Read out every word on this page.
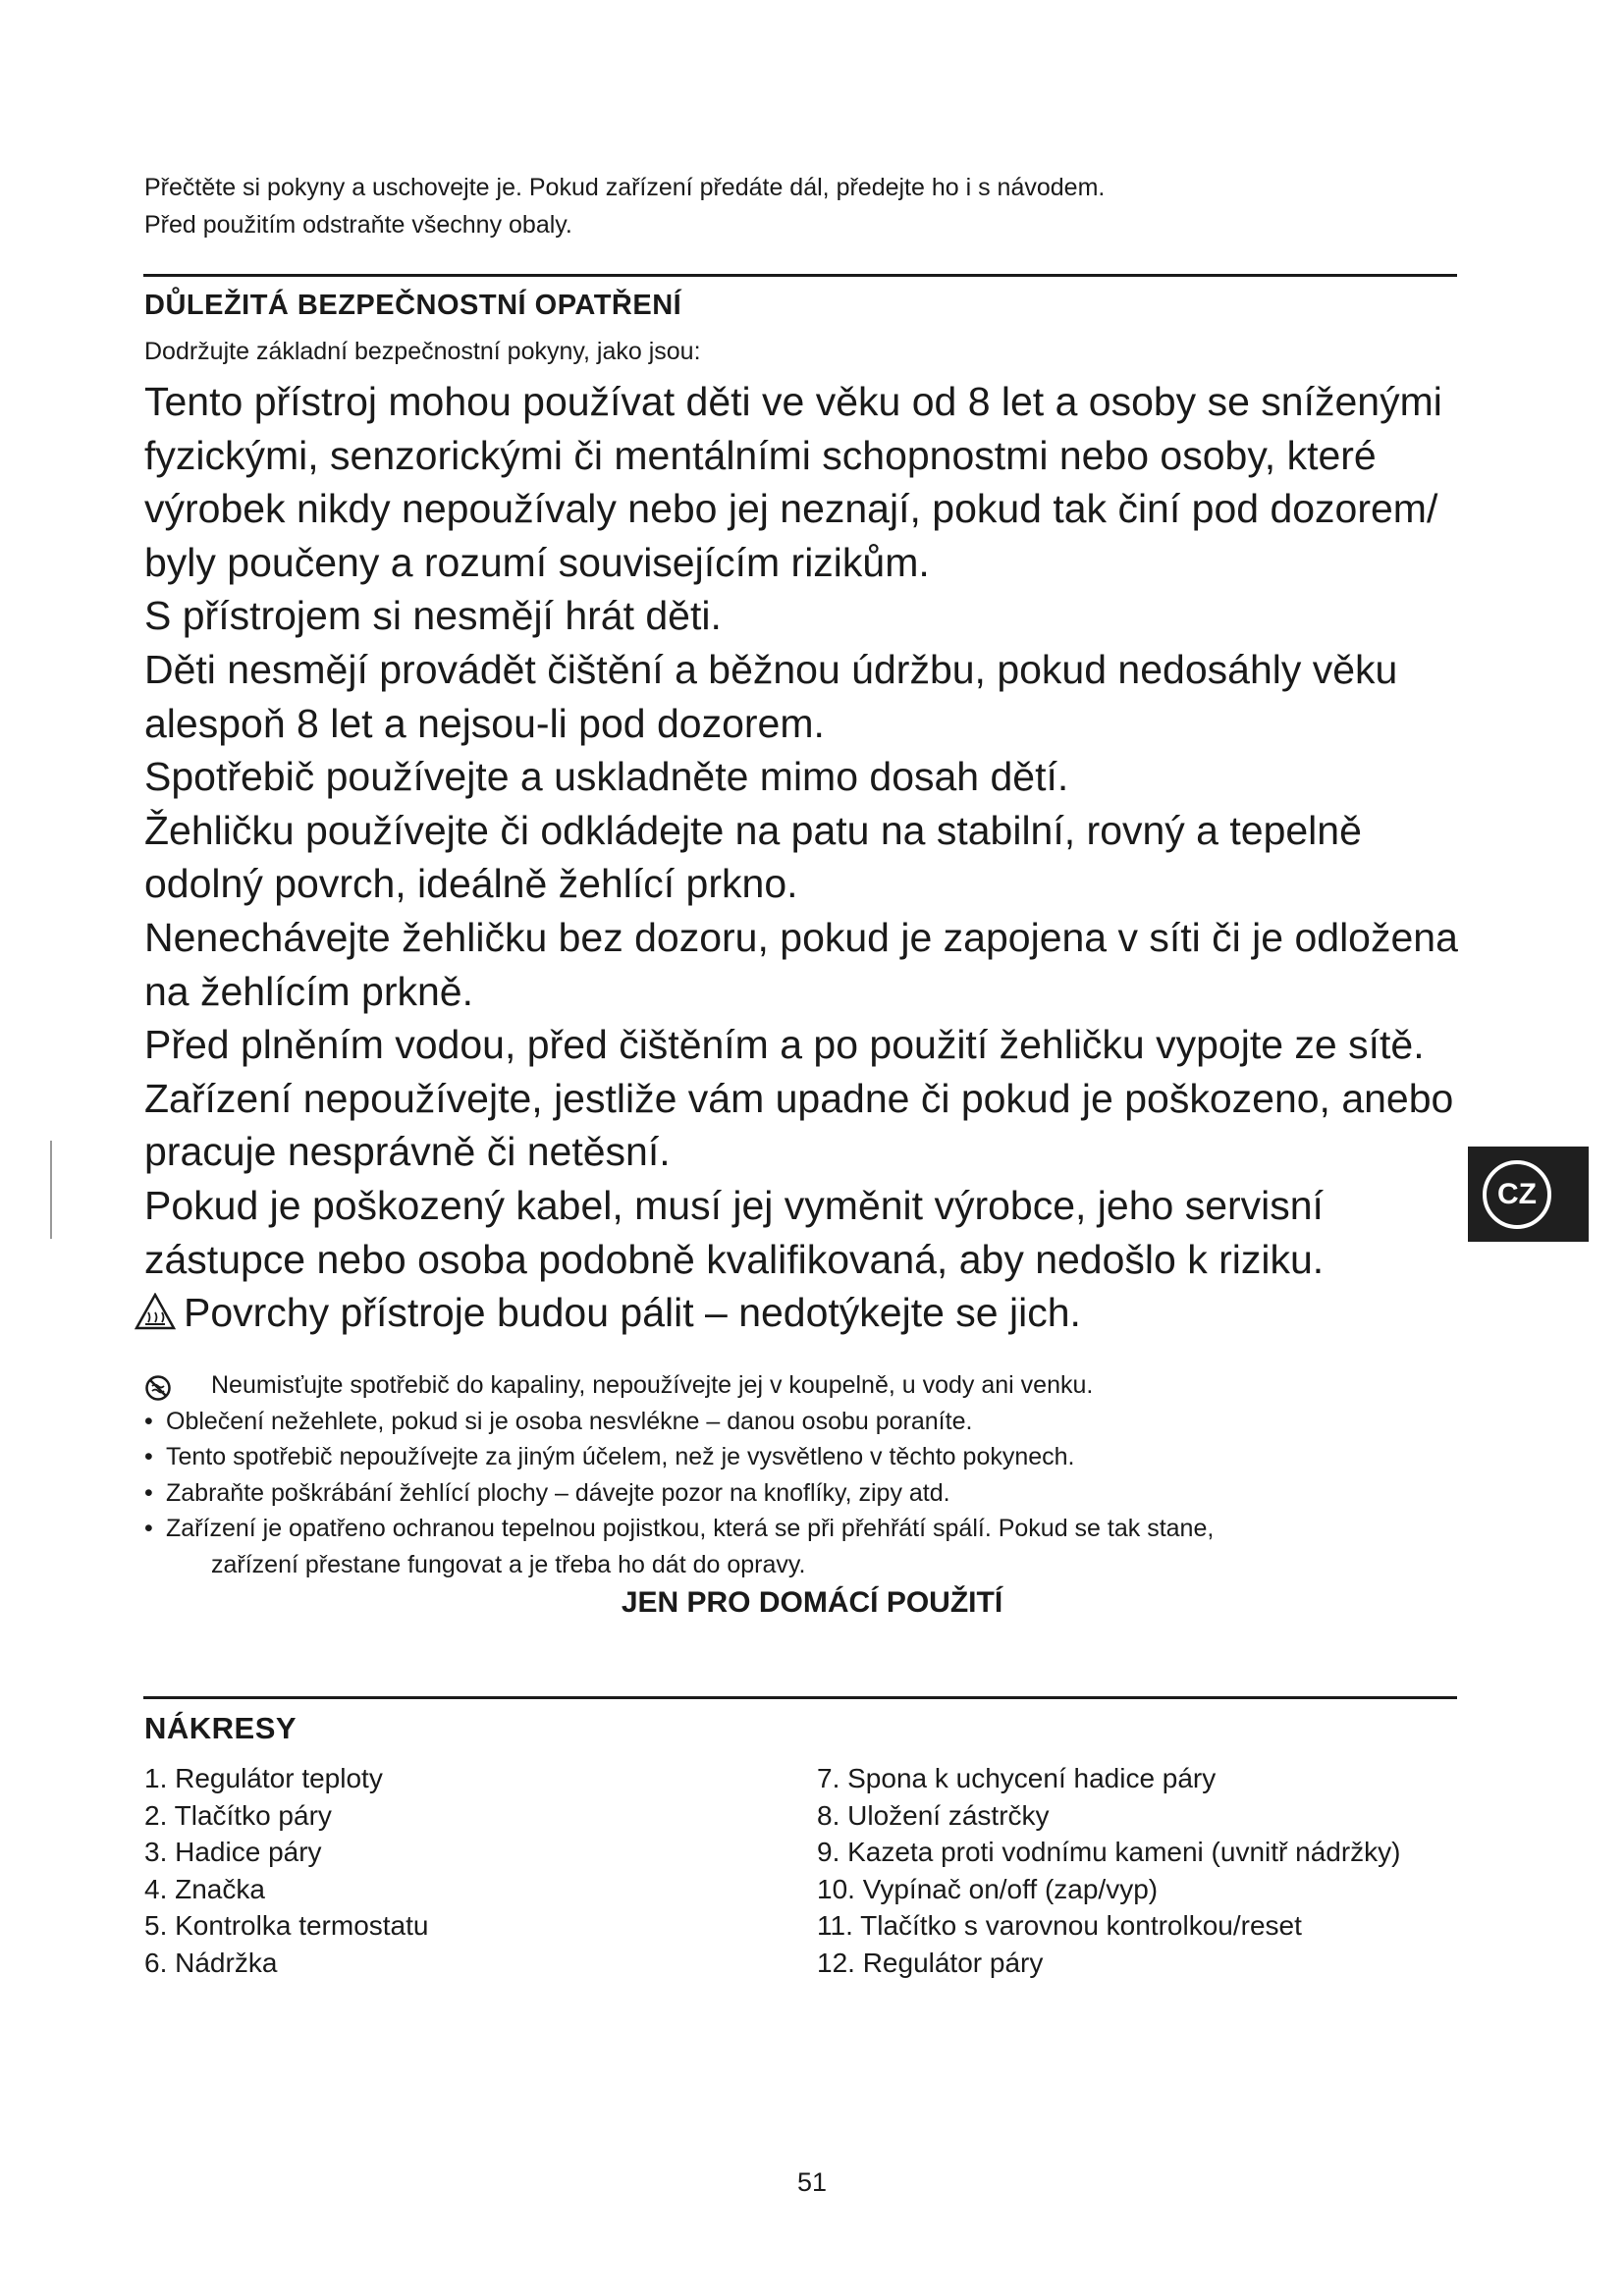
Přečtěte si pokyny a uschovejte je. Pokud zařízení předáte dál, předejte ho i s návodem.
Před použitím odstraňte všechny obaly.
DŮLEŽITÁ BEZPEČNOSTNÍ OPATŘENÍ
Dodržujte základní bezpečnostní pokyny, jako jsou:

Tento přístroj mohou používat děti ve věku od 8 let a osoby se sníženými fyzickými, senzorickými či mentálními schopnostmi nebo osoby, které výrobek nikdy nepoužívaly nebo jej neznají, pokud tak činí pod dozorem/ byly poučeny a rozumí souvisejícím rizikům.

S přístrojem si nesmějí hrát děti.

Děti nesmějí provádět čištění a běžnou údržbu, pokud nedosáhly věku alespoň 8 let a nejsou-li pod dozorem.

Spotřebič používejte a uskladněte mimo dosah dětí.

Žehličku používejte či odkládejte na patu na stabilní, rovný a tepelně odolný povrch, ideálně žehlící prkno.

Nenechávejte žehličku bez dozoru, pokud je zapojena v síti či je odložena na žehlícím prkně.

Před plněním vodou, před čištěním a po použití žehličku vypojte ze sítě.

Zařízení nepoužívejte, jestliže vám upadne či pokud je poškozeno, anebo pracuje nesprávně či netěsní.

Pokud je poškozený kabel, musí jej vyměnit výrobce, jeho servisní zástupce nebo osoba podobně kvalifikovaná, aby nedošlo k riziku.

Povrchy přístroje budou pálit – nedotýkejte se jich.

Neumisťujte spotřebič do kapaliny, nepoužívejte jej v koupelně, u vody ani venku.
• Oblečení nežehlete, pokud si je osoba nesvlékne – danou osobu poraníte.
• Tento spotřebič nepoužívejte za jiným účelem, než je vysvětleno v těchto pokynech.
• Zabraňte poškrábání žehlící plochy – dávejte pozor na knoflíky, zipy atd.
• Zařízení je opatřeno ochranou tepelnou pojistkou, která se při přehřátí spálí. Pokud se tak stane,
zařízení přestane fungovat a je třeba ho dát do opravy.
JEN PRO DOMÁCÍ POUŽITÍ
NÁKRESY
1. Regulátor teploty
2. Tlačítko páry
3. Hadice páry
4. Značka
5. Kontrolka termostatu
6. Nádržka
7. Spona k uchycení hadice páry
8. Uložení zástrčky
9. Kazeta proti vodnímu kameni (uvnitř nádržky)
10. Vypínač on/off (zap/vyp)
11. Tlačítko s varovnou kontrolkou/reset
12. Regulátor páry
CZ
51
